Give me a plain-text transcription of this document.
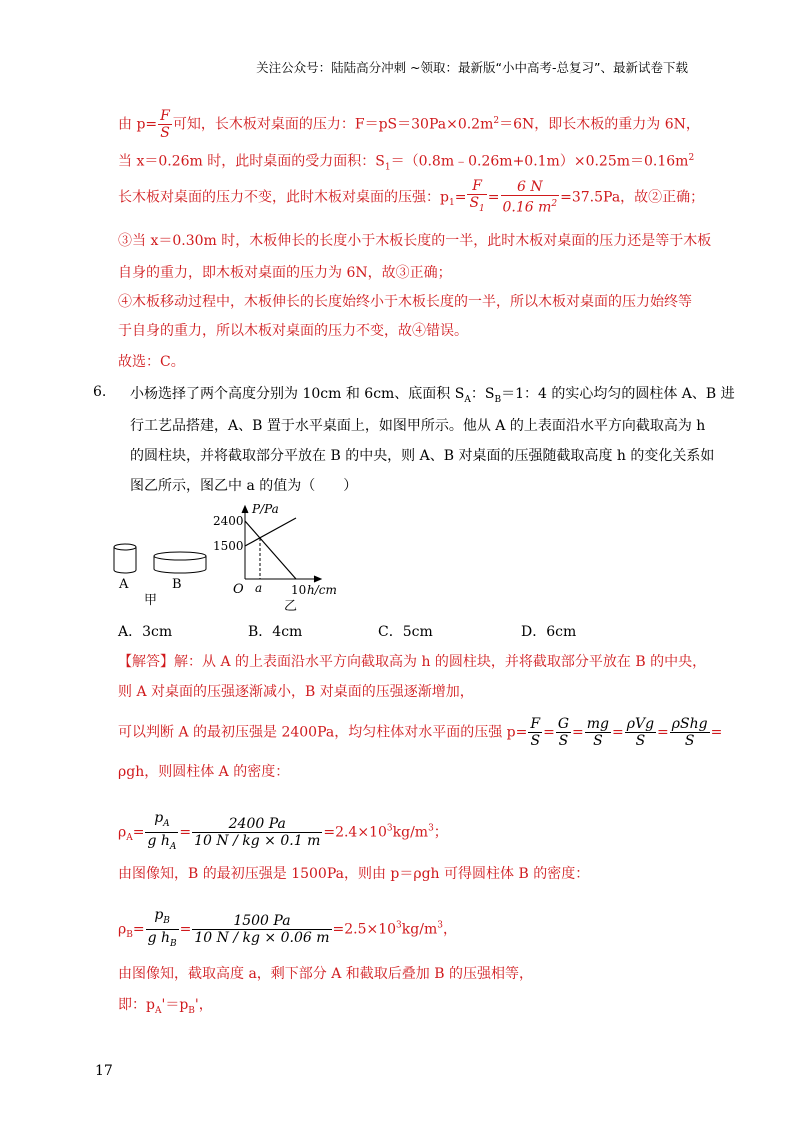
关注公众号：陆陆高分冲刺 ~领取：最新版“小中高考-总复习”、最新试卷下载
由 $p= \frac{F}{S}$ 可知，长木板对桌面的压力：$F=pS=30Pa\times 0.2m^2=6N$，即长木板的重力为 6N，
当 x＝0.26m 时，此时桌面的受力面积：$S_1=(0.8m﹣0.26m+0.1m)\times 0.25m=0.16m^2$
长木板对桌面的压力不变，此时木板对桌面的压强：$p_1= \frac{F}{S_1} = \frac{6 N}{0.16 m^2} =37.5Pa$，故②正确；
③当 x＝0.30m 时，木板伸长的长度小于木板长度的一半，此时木板对桌面的压力还是等于木板
自身的重力，即木板对桌面的压力为 6N，故③正确；
④木板移动过程中，木板伸长的长度始终小于木板长度的一半，所以木板对桌面的压力始终等
于自身的重力，所以木板对桌面的压力不变，故④错误。
故选：C。
6. 小杨选择了两个高度分别为 10cm 和 6cm、底面积 $S_A$：$S_B=1$：4 的实心均匀的圆柱体 A、B 进
行工艺品搭建，A、B 置于水平桌面上，如图甲所示。他从 A 的上表面沿水平方向截取高为 h
的圆柱块，并将截取部分平放在 B 的中央，则 A、B 对桌面的压强随截取高度 h 的变化关系如
图乙所示，图乙中 a 的值为（　　）
A	B
甲
P/Pa
2400
1500
O a 10 h/cm
乙
A．3cm	B．4cm	C．5cm	D．6cm
【解答】解：从 A 的上表面沿水平方向截取高为 h 的圆柱块，并将截取部分平放在 B 的中央，
则 A 对桌面的压强逐渐减小，B 对桌面的压强逐渐增加，
可以判断 A 的最初压强是 2400Pa，均匀柱体对水平面的压强 $p= \frac{F}{S} = \frac{G}{S} = \frac{mg}{S} = \frac{\text{ρVg}}{S} = \frac{\text{ρShg}}{S}$ =
ρgh，则圆柱体 A 的密度：
$\rho_A= \frac{p_A}{g h_A} = \frac{2400 Pa}{10 N / kg \times 0.1 m} =2.4\times 10^3kg/m^3$；
由图像知，B 的最初压强是 1500Pa，则由 p＝ρgh 可得圆柱体 B 的密度：
$\rho_B= \frac{p_B}{g h_B} = \frac{1500 Pa}{10 N / kg \times 0.06 m} =2.5\times 10^3kg/m^3$，
由图像知，截取高度 a，剩下部分 A 和截取后叠加 B 的压强相等，
即：$p_A'=p_B'$，
17
